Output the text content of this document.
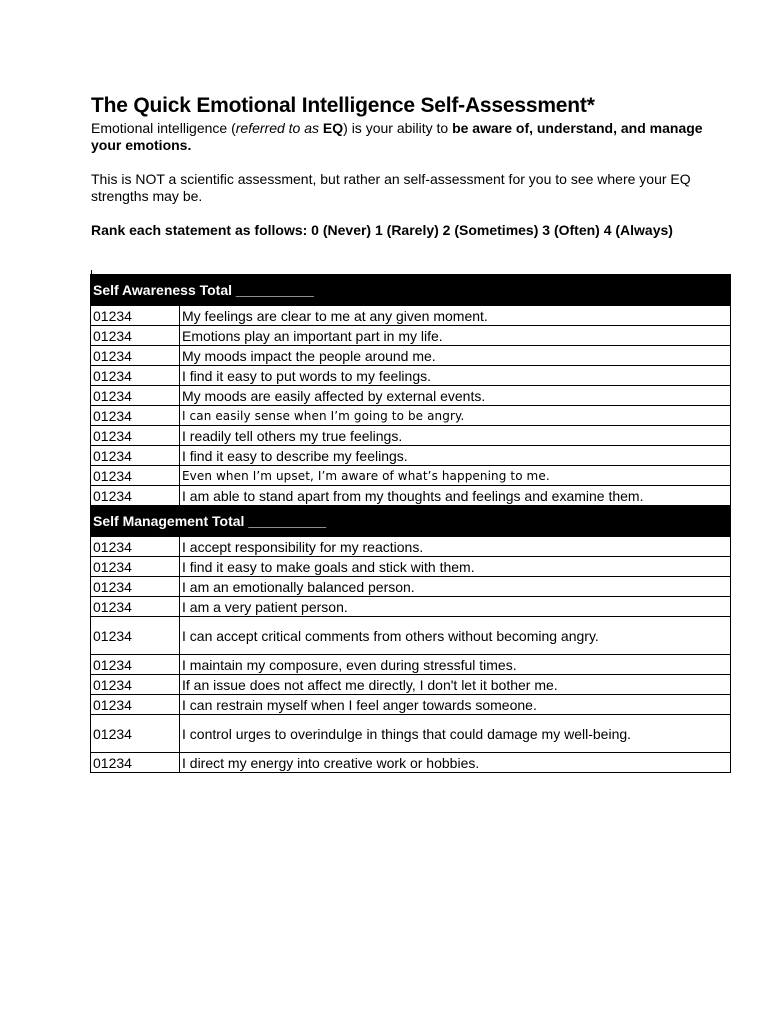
The Quick Emotional Intelligence Self-Assessment*

Emotional intelligence (referred to as EQ) is your ability to be aware of, understand, and manage your emotions.

This is NOT a scientific assessment, but rather an self-assessment for you to see where your EQ strengths may be.

Rank each statement as follows: 0 (Never) 1 (Rarely) 2 (Sometimes) 3 (Often) 4 (Always)

Self Awareness Total __________	
01234	My feelings are clear to me at any given moment.
01234	Emotions play an important part in my life.
01234	My moods impact the people around me.
01234	I find it easy to put words to my feelings.
01234	My moods are easily affected by external events.
01234	I can easily sense when I’m going to be angry.
01234	I readily tell others my true feelings.
01234	I find it easy to describe my feelings.
01234	Even when I’m upset, I’m aware of what’s happening to me.
01234	I am able to stand apart from my thoughts and feelings and examine them.
Self Management Total __________	
01234	I accept responsibility for my reactions.
01234	I find it easy to make goals and stick with them.
01234	I am an emotionally balanced person.
01234	I am a very patient person.
01234	I can accept critical comments from others without becoming angry.
01234	I maintain my composure, even during stressful times.
01234	If an issue does not affect me directly, I don't let it bother me.
01234	I can restrain myself when I feel anger towards someone.
01234	I control urges to overindulge in things that could damage my well-being.
01234	I direct my energy into creative work or hobbies.
